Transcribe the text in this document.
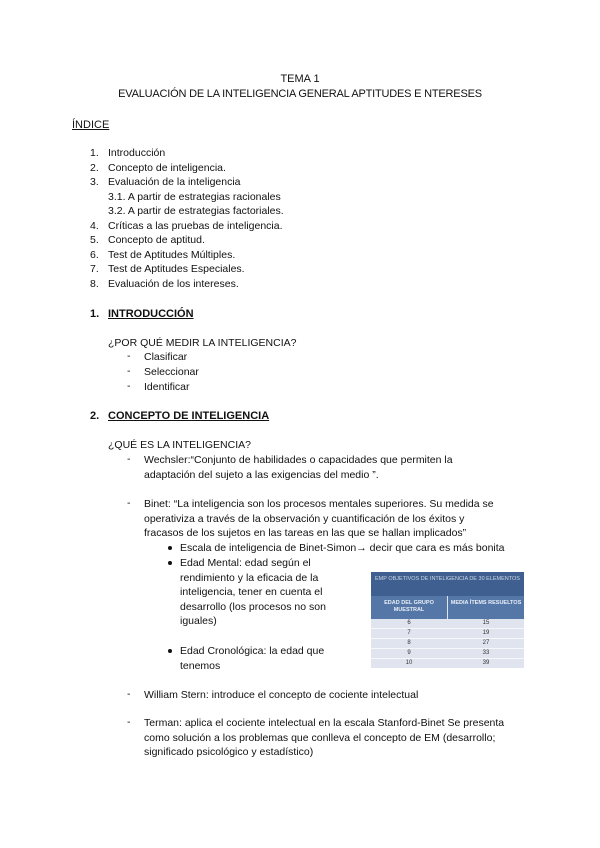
TEMA 1
EVALUACIÓN DE LA INTELIGENCIA GENERAL APTITUDES E NTERESES
ÍNDICE
1. Introducción
2. Concepto de inteligencia.
3. Evaluación de la inteligencia
3.1. A partir de estrategias racionales
3.2. A partir de estrategias factoriales.
4. Críticas a las pruebas de inteligencia.
5. Concepto de aptitud.
6. Test de Aptitudes Múltiples.
7. Test de Aptitudes Especiales.
8. Evaluación de los intereses.
1. INTRODUCCIÓN
¿POR QUÉ MEDIR LA INTELIGENCIA?
- Clasificar
- Seleccionar
- Identificar
2. CONCEPTO DE INTELIGENCIA
¿QUÉ ES LA INTELIGENCIA?
- Wechsler:“Conjunto de habilidades o capacidades que permiten la
adaptación del sujeto a las exigencias del medio ”.
- Binet: “La inteligencia son los procesos mentales superiores. Su medida se
operativiza a través de la observación y cuantificación de los éxitos y
fracasos de los sujetos en las tareas en las que se hallan implicados”
Escala de inteligencia de Binet-Simon→ decir que cara es más bonita
Edad Mental: edad según el
rendimiento y la eficacia de la
inteligencia, tener en cuenta el
desarrollo (los procesos no son
iguales)
Edad Cronológica: la edad que
tenemos
EMP OBJETIVOS DE INTELIGENCIA DE 30 ELEMENTOS
EDAD DEL GRUPO MUESTRAL
MEDIA ÍTEMS RESUELTOS
6	15
7	19
8	27
9	33
10	39
- William Stern: introduce el concepto de cociente intelectual
- Terman: aplica el cociente intelectual en la escala Stanford-Binet Se presenta
como solución a los problemas que conlleva el concepto de EM (desarrollo;
significado psicológico y estadístico)
